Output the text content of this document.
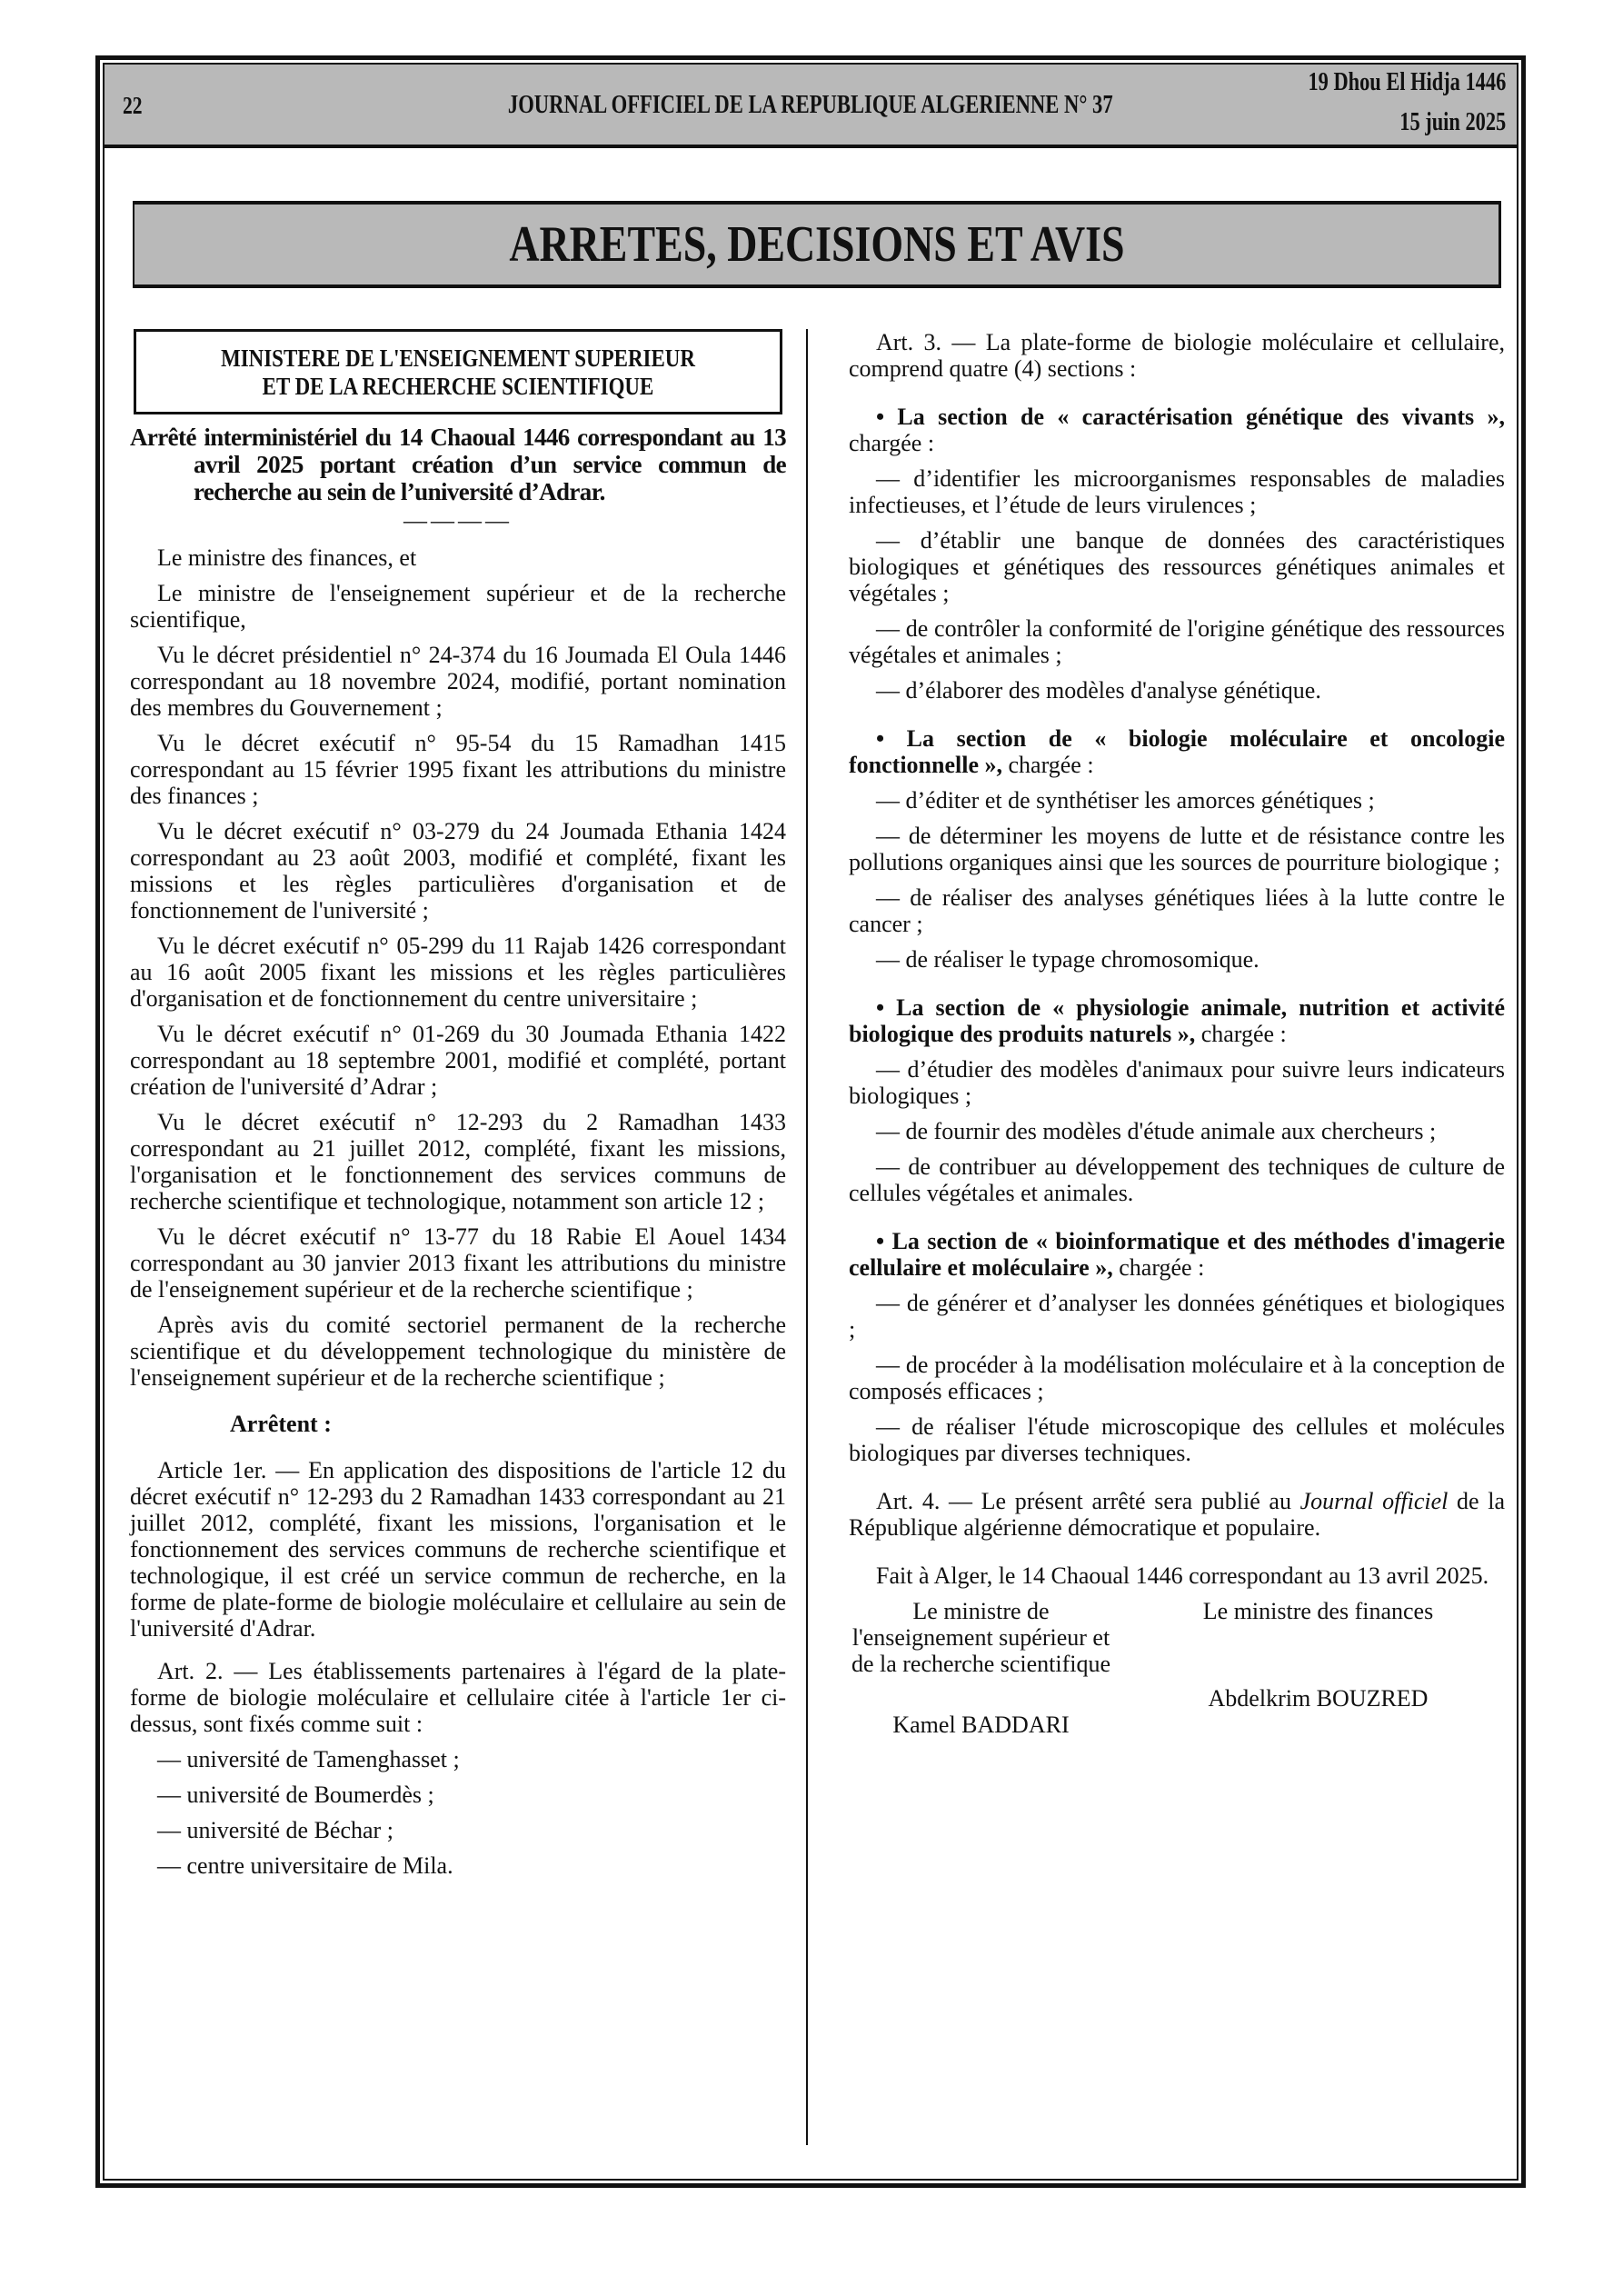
22	JOURNAL OFFICIEL DE LA REPUBLIQUE ALGERIENNE N° 37
19 Dhou El Hidja 1446
15 juin 2025
ARRETES, DECISIONS ET AVIS
MINISTERE DE L'ENSEIGNEMENT SUPERIEUR
ET DE LA RECHERCHE SCIENTIFIQUE
Arrêté interministériel du 14 Chaoual 1446 correspondant au 13 avril 2025 portant création d’un service commun de recherche au sein de l’université d’Adrar.
————

Le ministre des finances, et

Le ministre de l'enseignement supérieur et de la recherche scientifique,

Vu le décret présidentiel n° 24-374 du 16 Joumada El Oula 1446 correspondant au 18 novembre 2024, modifié, portant nomination des membres du Gouvernement ;

Vu le décret exécutif n° 95-54 du 15 Ramadhan 1415 correspondant au 15 février 1995 fixant les attributions du ministre des finances ;

Vu le décret exécutif n° 03-279 du 24 Joumada Ethania 1424 correspondant au 23 août 2003, modifié et complété, fixant les missions et les règles particulières d'organisation et de fonctionnement de l'université ;

Vu le décret exécutif n° 05-299 du 11 Rajab 1426 correspondant au 16 août 2005 fixant les missions et les règles particulières d'organisation et de fonctionnement du centre universitaire ;

Vu le décret exécutif n° 01-269 du 30 Joumada Ethania 1422 correspondant au 18 septembre 2001, modifié et complété, portant création de l'université d’Adrar ;

Vu le décret exécutif n° 12-293 du 2 Ramadhan 1433 correspondant au 21 juillet 2012, complété, fixant les missions, l'organisation et le fonctionnement des services communs de recherche scientifique et technologique, notamment son article 12 ;

Vu le décret exécutif n° 13-77 du 18 Rabie El Aouel 1434 correspondant au 30 janvier 2013 fixant les attributions du ministre de l'enseignement supérieur et de la recherche scientifique ;

Après avis du comité sectoriel permanent de la recherche scientifique et du développement technologique du ministère de l'enseignement supérieur et de la recherche scientifique ;

Arrêtent :

Article 1er. — En application des dispositions de l'article 12 du décret exécutif n° 12-293 du 2 Ramadhan 1433 correspondant au 21 juillet 2012, complété, fixant les missions, l'organisation et le fonctionnement des services communs de recherche scientifique et technologique, il est créé un service commun de recherche, en la forme de plate-forme de biologie moléculaire et cellulaire au sein de l'université d'Adrar.

Art. 2. — Les établissements partenaires à l'égard de la plate-forme de biologie moléculaire et cellulaire citée à l'article 1er ci-dessus, sont fixés comme suit :

— université de Tamenghasset ;

— université de Boumerdès ;

— université de Béchar ;

— centre universitaire de Mila.

Art. 3. — La plate-forme de biologie moléculaire et cellulaire, comprend quatre (4) sections :

• La section de « caractérisation génétique des vivants », chargée :

— d’identifier les microorganismes responsables de maladies infectieuses, et l’étude de leurs virulences ;

— d’établir une banque de données des caractéristiques biologiques et génétiques des ressources génétiques animales et végétales ;

— de contrôler la conformité de l'origine génétique des ressources végétales et animales ;

— d’élaborer des modèles d'analyse génétique.

• La section de « biologie moléculaire et oncologie fonctionnelle », chargée :

— d’éditer et de synthétiser les amorces génétiques ;

— de déterminer les moyens de lutte et de résistance contre les pollutions organiques ainsi que les sources de pourriture biologique ;

— de réaliser des analyses génétiques liées à la lutte contre le cancer ;

— de réaliser le typage chromosomique.

• La section de « physiologie animale, nutrition et activité biologique des produits naturels », chargée :

— d’étudier des modèles d'animaux pour suivre leurs indicateurs biologiques ;

— de fournir des modèles d'étude animale aux chercheurs ;

— de contribuer au développement des techniques de culture de cellules végétales et animales.

• La section de « bioinformatique et des méthodes d'imagerie cellulaire et moléculaire », chargée :

— de générer et d’analyser les données génétiques et biologiques ;

— de procéder à la modélisation moléculaire et à la conception de composés efficaces ;

— de réaliser l'étude microscopique des cellules et molécules biologiques par diverses techniques.

Art. 4. — Le présent arrêté sera publié au Journal officiel de la République algérienne démocratique et populaire.

Fait à Alger, le 14 Chaoual 1446 correspondant au 13 avril 2025.

Le ministre de l'enseignement supérieur et de la recherche scientifique
Kamel BADDARI
Le ministre des finances
Abdelkrim BOUZRED
